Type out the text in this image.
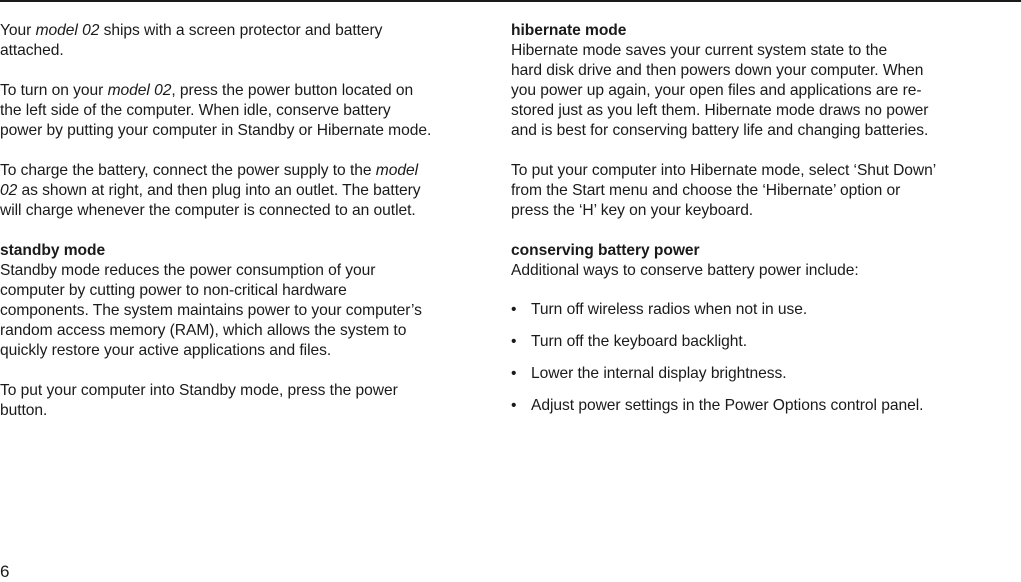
Your model 02 ships with a screen protector and battery
attached.

To turn on your model 02, press the power button located on
the left side of the computer. When idle, conserve battery
power by putting your computer in Standby or Hibernate mode.

To charge the battery, connect the power supply to the model
02 as shown at right, and then plug into an outlet. The battery
will charge whenever the computer is connected to an outlet.

standby mode
Standby mode reduces the power consumption of your
computer by cutting power to non-critical hardware
components. The system maintains power to your computer’s
random access memory (RAM), which allows the system to
quickly restore your active applications and files.

To put your computer into Standby mode, press the power
button.

hibernate mode
Hibernate mode saves your current system state to the
hard disk drive and then powers down your computer. When
you power up again, your open files and applications are re-
stored just as you left them. Hibernate mode draws no power
and is best for conserving battery life and changing batteries.

To put your computer into Hibernate mode, select ‘Shut Down’
from the Start menu and choose the ‘Hibernate’ option or
press the ‘H’ key on your keyboard.

conserving battery power
Additional ways to conserve battery power include:
• Turn off wireless radios when not in use.
• Turn off the keyboard backlight.
• Lower the internal display brightness.
• Adjust power settings in the Power Options control panel.
6
